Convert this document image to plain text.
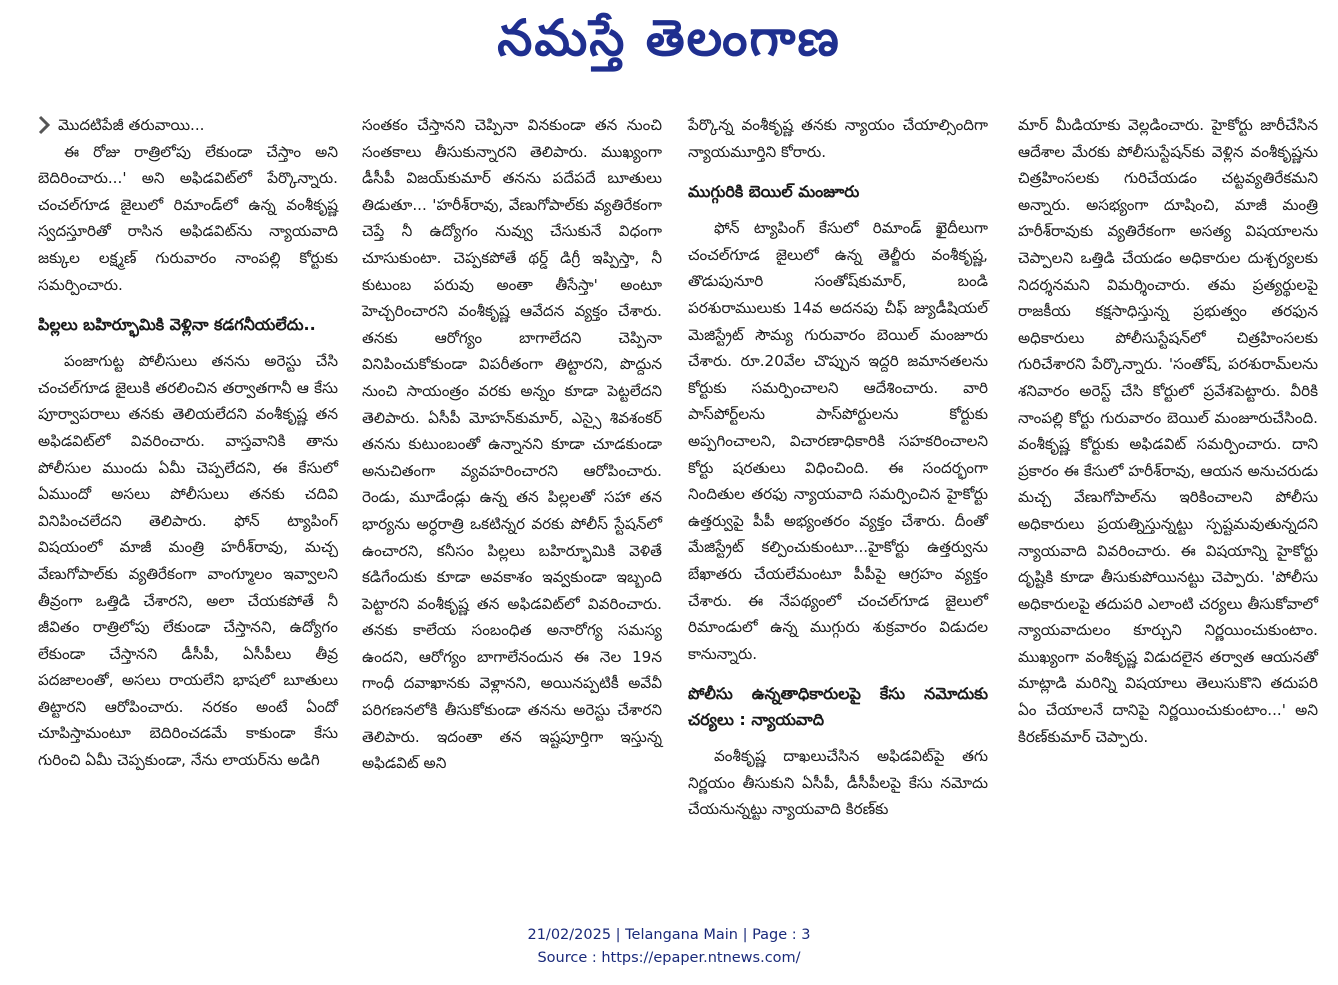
నమస్తే తెలంగాణ
మొదటిపేజీ తరువాయి...

ఈ రోజు రాత్రిలోపు లేకుండా చేస్తాం అని బెదిరించారు...' అని అఫిడవిట్‌లో పేర్కొన్నారు. చంచల్‌గూడ జైలులో రిమాండ్‌లో ఉన్న వంశీకృష్ణ స్వదస్తూరితో రాసిన అఫిడవిట్‌ను న్యాయవాది జక్కుల లక్ష్మణ్ గురువారం నాంపల్లి కోర్టుకు సమర్పించారు.

పిల్లలు బహిర్భూమికి వెళ్లినా కడగనీయలేదు..

పంజాగుట్ట పోలీసులు తనను అరెస్టు చేసి చంచల్‌గూడ జైలుకి తరలించిన తర్వాతగానీ ఆ కేసు పూర్వాపరాలు తనకు తెలియలేదని వంశీకృష్ణ తన అఫిడవిట్‌లో వివరించారు. వాస్తవానికి తాను పోలీసుల ముందు ఏమీ చెప్పలేదని, ఈ కేసులో ఏముందో అసలు పోలీసులు తనకు చదివి వినిపించలేదని తెలిపారు. ఫోన్ ట్యాపింగ్ విషయంలో మాజీ మంత్రి హరీశ్‌రావు, మచ్చ వేణుగోపాల్‌కు వ్యతిరేకంగా వాంగ్మూలం ఇవ్వాలని తీవ్రంగా ఒత్తిడి చేశారని, అలా చేయకపోతే నీ జీవితం రాత్రిలోపు లేకుండా చేస్తానని, ఉద్యోగం లేకుండా చేస్తానని డీసీపీ, ఏసీపీలు తీవ్ర పదజాలంతో, అసలు రాయలేని భాషలో బూతులు తిట్టారని ఆరోపించారు. నరకం అంటే ఏందో చూపిస్తామంటూ బెదిరించడమే కాకుండా కేసు గురించి ఏమీ చెప్పకుండా, నేను లాయర్‌ను అడిగి

సంతకం చేస్తానని చెప్పినా వినకుండా తన నుంచి సంతకాలు తీసుకున్నారని తెలిపారు. ముఖ్యంగా డీసీపీ విజయ్‌కుమార్ తనను పదేపదే బూతులు తిడుతూ... 'హరీశ్‌రావు, వేణుగోపాల్‌కు వ్యతిరేకంగా చెప్తే నీ ఉద్యోగం నువ్వు చేసుకునే విధంగా చూసుకుంటా. చెప్పకపోతే థర్డ్ డిగ్రీ ఇప్పిస్తా, నీ కుటుంబ పరువు అంతా తీసేస్తా' అంటూ హెచ్చరించారని వంశీకృష్ణ ఆవేదన వ్యక్తం చేశారు. తనకు ఆరోగ్యం బాగాలేదని చెప్పినా వినిపించుకోకుండా విపరీతంగా తిట్టారని, పొద్దున నుంచి సాయంత్రం వరకు అన్నం కూడా పెట్టలేదని తెలిపారు. ఏసీపీ మోహన్‌కుమార్, ఎస్సై శివశంకర్ తనను కుటుంబంతో ఉన్నానని కూడా చూడకుండా అనుచితంగా వ్యవహరించారని ఆరోపించారు. రెండు, మూడేండ్లు ఉన్న తన పిల్లలతో సహా తన భార్యను అర్ధరాత్రి ఒకటిన్నర వరకు పోలీస్ స్టేషన్‌లో ఉంచారని, కనీసం పిల్లలు బహిర్భూమికి వెళితే కడిగేందుకు కూడా అవకాశం ఇవ్వకుండా ఇబ్బంది పెట్టారని వంశీకృష్ణ తన అఫిడవిట్‌లో వివరించారు. తనకు కాలేయ సంబంధిత అనారోగ్య సమస్య ఉందని, ఆరోగ్యం బాగాలేనందున ఈ నెల 19న గాంధీ దవాఖానకు వెళ్లానని, అయినప్పటికీ అవేవీ పరిగణనలోకి తీసుకోకుండా తనను అరెస్టు చేశారని తెలిపారు. ఇదంతా తన ఇష్టపూర్తిగా ఇస్తున్న అఫిడవిట్ అని

పేర్కొన్న వంశీకృష్ణ తనకు న్యాయం చేయాల్సిందిగా న్యాయమూర్తిని కోరారు.

ముగ్గురికి బెయిల్ మంజూరు

ఫోన్ ట్యాపింగ్ కేసులో రిమాండ్ ఖైదీలుగా చంచల్‌గూడ జైలులో ఉన్న తెల్జీరు వంశీకృష్ణ, తొడుపునూరి సంతోష్‌కుమార్, బండి పరశురాములుకు 14వ అదనపు చీఫ్ జ్యుడీషియల్ మెజిస్ట్రేట్ సౌమ్య గురువారం బెయిల్ మంజూరు చేశారు. రూ.20వేల చొప్పున ఇద్దరి జమానతలను కోర్టుకు సమర్పించాలని ఆదేశించారు. వారి పాస్‌పోర్ట్‌లను పాస్‌పోర్టులను కోర్టుకు అప్పగించాలని, విచారణాధికారికి సహకరించాలని కోర్టు షరతులు విధించింది. ఈ సందర్భంగా నిందితుల తరఫు న్యాయవాది సమర్పించిన హైకోర్టు ఉత్తర్వుపై పీపీ అభ్యంతరం వ్యక్తం చేశారు. దీంతో మేజిస్ట్రేట్ కల్పించుకుంటూ...హైకోర్టు ఉత్తర్వును బేఖాతరు చేయలేమంటూ పీపీపై ఆగ్రహం వ్యక్తం చేశారు. ఈ నేపథ్యంలో చంచల్‌గూడ జైలులో రిమాండులో ఉన్న ముగ్గురు శుక్రవారం విడుదల కానున్నారు.

పోలీసు ఉన్నతాధికారులపై కేసు నమోదుకు చర్యలు : న్యాయవాది

వంశీకృష్ణ దాఖలుచేసిన అఫిడవిట్‌పై తగు నిర్ణయం తీసుకుని ఏసీపీ, డీసీపీలపై కేసు నమోదు చేయనున్నట్టు న్యాయవాది కిరణ్‌కు

మార్ మీడియాకు వెల్లడించారు. హైకోర్టు జారీచేసిన ఆదేశాల మేరకు పోలీసుస్టేషన్‌కు వెళ్లిన వంశీకృష్ణను చిత్రహింసలకు గురిచేయడం చట్టవ్యతిరేకమని అన్నారు. అసభ్యంగా దూషించి, మాజీ మంత్రి హరీశ్‌రావుకు వ్యతిరేకంగా అసత్య విషయాలను చెప్పాలని ఒత్తిడి చేయడం అధికారుల దుశ్చర్యలకు నిదర్శనమని విమర్శించారు. తమ ప్రత్యర్థులపై రాజకీయ కక్షసాధిస్తున్న ప్రభుత్వం తరఫున అధికారులు పోలీసుస్టేషన్‌లో చిత్రహింసలకు గురిచేశారని పేర్కొన్నారు. 'సంతోష్, పరశురామ్‌లను శనివారం అరెస్ట్ చేసి కోర్టులో ప్రవేశపెట్టారు. వీరికి నాంపల్లి కోర్టు గురువారం బెయిల్ మంజూరుచేసింది. వంశీకృష్ణ కోర్టుకు అఫిడవిట్ సమర్పించారు. దాని ప్రకారం ఈ కేసులో హరీశ్‌రావు, ఆయన అనుచరుడు మచ్చ వేణుగోపాల్‌ను ఇరికించాలని పోలీసు అధికారులు ప్రయత్నిస్తున్నట్టు స్పష్టమవుతున్నదని న్యాయవాది వివరించారు. ఈ విషయాన్ని హైకోర్టు దృష్టికి కూడా తీసుకుపోయినట్టు చెప్పారు. 'పోలీసు అధికారులపై తదుపరి ఎలాంటి చర్యలు తీసుకోవాలో న్యాయవాదులం కూర్చుని నిర్ణయించుకుంటాం. ముఖ్యంగా వంశీకృష్ణ విడుదలైన తర్వాత ఆయనతో మాట్లాడి మరిన్ని విషయాలు తెలుసుకొని తదుపరి ఏం చేయాలనే దానిపై నిర్ణయించుకుంటాం...' అని కిరణ్‌కుమార్ చెప్పారు.

21/02/2025 | Telangana Main | Page : 3
Source : https://epaper.ntnews.com/
